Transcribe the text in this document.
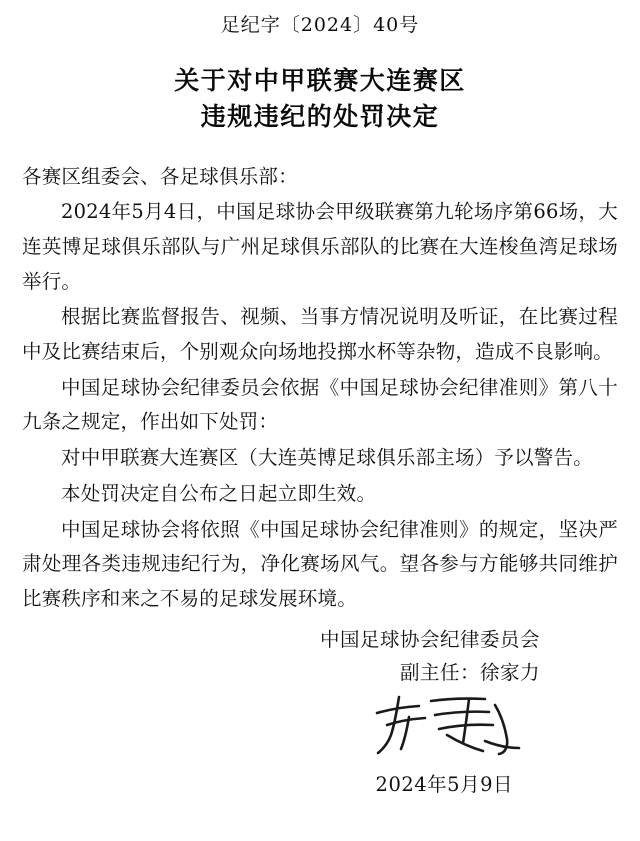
足纪字〔2024〕40号
关于对中甲联赛大连赛区
违规违纪的处罚决定

各赛区组委会、各足球俱乐部：

2024年5月4日，中国足球协会甲级联赛第九轮场序第66场，大连英博足球俱乐部队与广州足球俱乐部队的比赛在大连梭鱼湾足球场举行。

根据比赛监督报告、视频、当事方情况说明及听证，在比赛过程中及比赛结束后，个别观众向场地投掷水杯等杂物，造成不良影响。

中国足球协会纪律委员会依据《中国足球协会纪律准则》第八十九条之规定，作出如下处罚：

对中甲联赛大连赛区（大连英博足球俱乐部主场）予以警告。

本处罚决定自公布之日起立即生效。

中国足球协会将依照《中国足球协会纪律准则》的规定，坚决严肃处理各类违规违纪行为，净化赛场风气。望各参与方能够共同维护比赛秩序和来之不易的足球发展环境。

中国足球协会纪律委员会
副主任：徐家力
2024年5月9日
